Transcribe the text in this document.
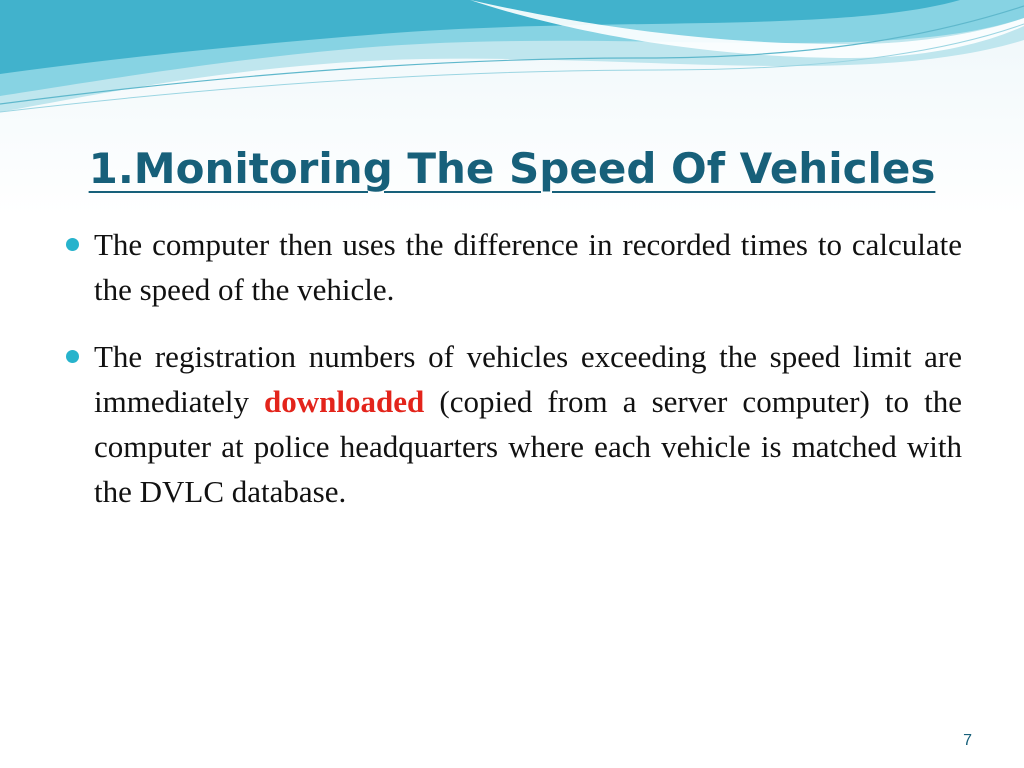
1.Monitoring The Speed Of Vehicles
The computer then uses the difference in recorded times to calculate the speed of the vehicle.
The registration numbers of vehicles exceeding the speed limit are immediately downloaded (copied from a server computer) to the computer at police headquarters where each vehicle is matched with the DVLC database.
7
